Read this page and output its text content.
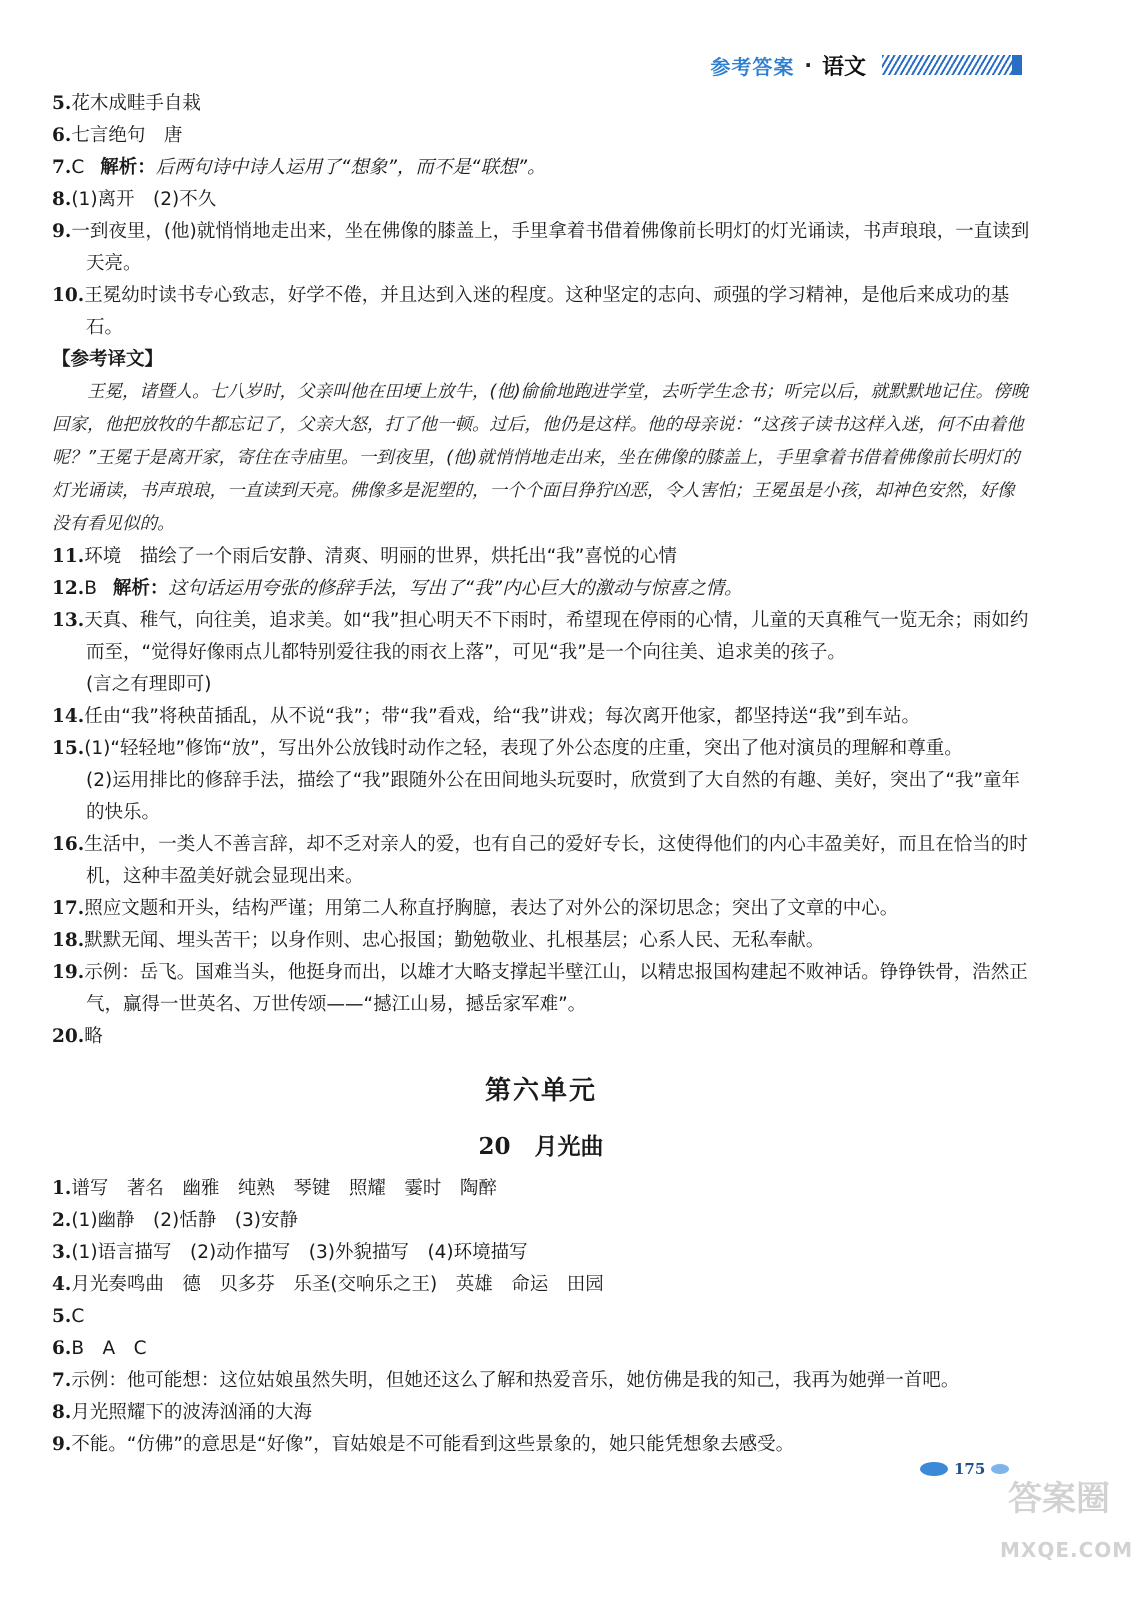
参考答案 · 语文
5.花木成畦手自栽
6.七言绝句　唐
7.C 解析：后两句诗中诗人运用了“想象”，而不是“联想”。
8.(1)离开　(2)不久
9.一到夜里，(他)就悄悄地走出来，坐在佛像的膝盖上，手里拿着书借着佛像前长明灯的灯光诵读，书声琅琅，一直读到天亮。
10.王冕幼时读书专心致志，好学不倦，并且达到入迷的程度。这种坚定的志向、顽强的学习精神，是他后来成功的基石。
【参考译文】
王冕，诸暨人。七八岁时，父亲叫他在田埂上放牛，(他)偷偷地跑进学堂，去听学生念书；听完以后，就默默地记住。傍晚回家，他把放牧的牛都忘记了，父亲大怒，打了他一顿。过后，他仍是这样。他的母亲说：“这孩子读书这样入迷，何不由着他呢？”王冕于是离开家，寄住在寺庙里。一到夜里，(他)就悄悄地走出来，坐在佛像的膝盖上，手里拿着书借着佛像前长明灯的灯光诵读，书声琅琅，一直读到天亮。佛像多是泥塑的，一个个面目狰狞凶恶，令人害怕；王冕虽是小孩，却神色安然，好像没有看见似的。
11.环境　描绘了一个雨后安静、清爽、明丽的世界，烘托出“我”喜悦的心情
12.B 解析：这句话运用夸张的修辞手法，写出了“我”内心巨大的激动与惊喜之情。
13.天真、稚气，向往美，追求美。如“我”担心明天不下雨时，希望现在停雨的心情，儿童的天真稚气一览无余；雨如约而至，“觉得好像雨点儿都特别爱往我的雨衣上落”，可见“我”是一个向往美、追求美的孩子。
(言之有理即可)
14.任由“我”将秧苗插乱，从不说“我”；带“我”看戏，给“我”讲戏；每次离开他家，都坚持送“我”到车站。
15.(1)“轻轻地”修饰“放”，写出外公放钱时动作之轻，表现了外公态度的庄重，突出了他对演员的理解和尊重。
(2)运用排比的修辞手法，描绘了“我”跟随外公在田间地头玩耍时，欣赏到了大自然的有趣、美好，突出了“我”童年的快乐。
16.生活中，一类人不善言辞，却不乏对亲人的爱，也有自己的爱好专长，这使得他们的内心丰盈美好，而且在恰当的时机，这种丰盈美好就会显现出来。
17.照应文题和开头，结构严谨；用第二人称直抒胸臆，表达了对外公的深切思念；突出了文章的中心。
18.默默无闻、埋头苦干；以身作则、忠心报国；勤勉敬业、扎根基层；心系人民、无私奉献。
19.示例：岳飞。国难当头，他挺身而出，以雄才大略支撑起半壁江山，以精忠报国构建起不败神话。铮铮铁骨，浩然正气，赢得一世英名、万世传颂——“撼江山易，撼岳家军难”。
20.略
第六单元
20 月光曲
1.谱写　著名　幽雅　纯熟　琴键　照耀　霎时　陶醉
2.(1)幽静　(2)恬静　(3)安静
3.(1)语言描写　(2)动作描写　(3)外貌描写　(4)环境描写
4.月光奏鸣曲　德　贝多芬　乐圣(交响乐之王)　英雄　命运　田园
5.C
6.B　A　C
7.示例：他可能想：这位姑娘虽然失明，但她还这么了解和热爱音乐，她仿佛是我的知己，我再为她弹一首吧。
8.月光照耀下的波涛汹涌的大海
9.不能。“仿佛”的意思是“好像”，盲姑娘是不可能看到这些景象的，她只能凭想象去感受。
175
答案圈
MXQE.COM
